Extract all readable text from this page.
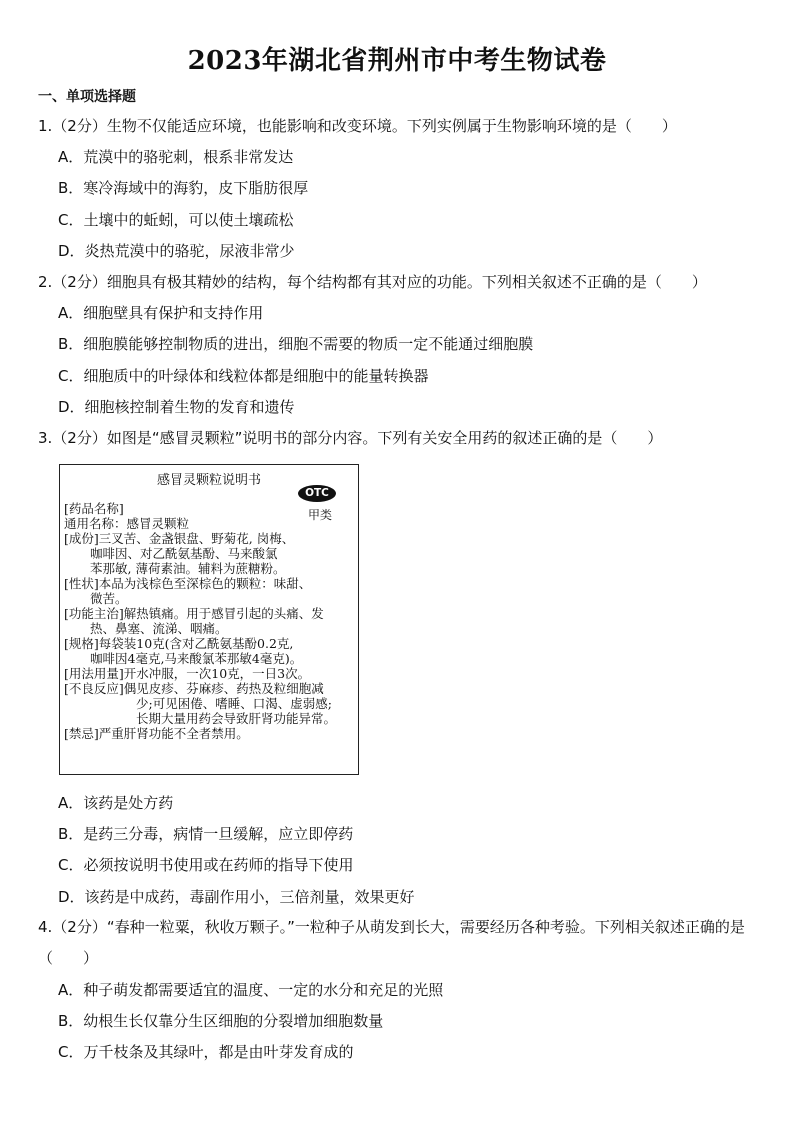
2023年湖北省荆州市中考生物试卷
一、单项选择题
1.（2分）生物不仅能适应环境，也能影响和改变环境。下列实例属于生物影响环境的是（　　）
A．荒漠中的骆驼刺，根系非常发达
B．寒冷海域中的海豹，皮下脂肪很厚
C．土壤中的蚯蚓，可以使土壤疏松
D．炎热荒漠中的骆驼，尿液非常少
2.（2分）细胞具有极其精妙的结构，每个结构都有其对应的功能。下列相关叙述不正确的是（　　）
A．细胞壁具有保护和支持作用
B．细胞膜能够控制物质的进出，细胞不需要的物质一定不能通过细胞膜
C．细胞质中的叶绿体和线粒体都是细胞中的能量转换器
D．细胞核控制着生物的发育和遗传
3.（2分）如图是“感冒灵颗粒”说明书的部分内容。下列有关安全用药的叙述正确的是（　　）
感冒灵颗粒说明书
OTC
甲类
[药品名称]
通用名称：感冒灵颗粒
[成份]三叉苦、金盏银盘、野菊花, 岗梅、
咖啡因、对乙酰氨基酚、马来酸氯
苯那敏, 薄荷素油。辅料为蔗糖粉。
[性状]本品为浅棕色至深棕色的颗粒：味甜、
微苦。
[功能主治]解热镇痛。用于感冒引起的头痛、发
热、鼻塞、流涕、咽痛。
[规格]每袋装10克(含对乙酰氨基酚0.2克,
咖啡因4毫克,马来酸氯苯那敏4毫克)。
[用法用量]开水冲服，一次10克，一日3次。
[不良反应]偶见皮疹、芬麻疹、药热及粒细胞减
少;可见困倦、嗜睡、口渴、虚弱感;
长期大量用药会导致肝肾功能异常。
[禁忌]严重肝肾功能不全者禁用。
A．该药是处方药
B．是药三分毒，病情一旦缓解，应立即停药
C．必须按说明书使用或在药师的指导下使用
D．该药是中成药，毒副作用小，三倍剂量，效果更好
4.（2分）“春种一粒粟，秋收万颗子。”一粒种子从萌发到长大，需要经历各种考验。下列相关叙述正确的是（　　）
A．种子萌发都需要适宜的温度、一定的水分和充足的光照
B．幼根生长仅靠分生区细胞的分裂增加细胞数量
C．万千枝条及其绿叶，都是由叶芽发育成的
